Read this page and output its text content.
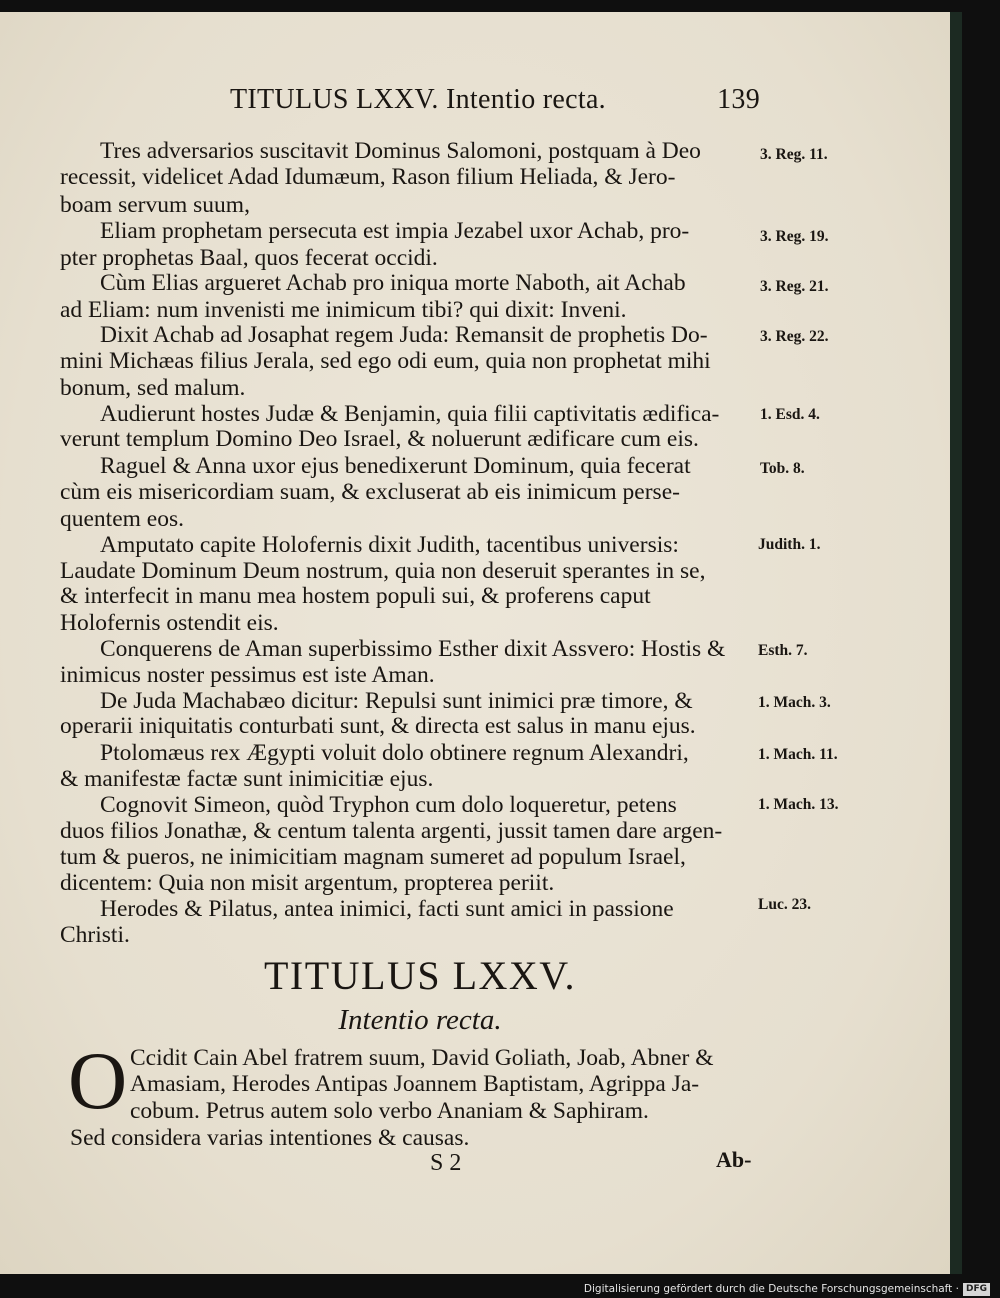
TITULUS LXXV. Intentio recta.	139
Tres adversarios suscitavit Dominus Salomoni, postquam à Deo
recessit, videlicet Adad Idumæum, Rason filium Heliada, & Jero-
boam servum suum,
Eliam prophetam persecuta est impia Jezabel uxor Achab, pro-
pter prophetas Baal, quos fecerat occidi.
Cùm Elias argueret Achab pro iniqua morte Naboth, ait Achab
ad Eliam: num invenisti me inimicum tibi? qui dixit: Inveni.
Dixit Achab ad Josaphat regem Juda: Remansit de prophetis Do-
mini Michæas filius Jerala, sed ego odi eum, quia non prophetat mihi
bonum, sed malum.
Audierunt hostes Judæ & Benjamin, quia filii captivitatis ædifica-
verunt templum Domino Deo Israel, & noluerunt ædificare cum eis.
Raguel & Anna uxor ejus benedixerunt Dominum, quia fecerat
cùm eis misericordiam suam, & excluserat ab eis inimicum perse-
quentem eos.
Amputato capite Holofernis dixit Judith, tacentibus universis:
Laudate Dominum Deum nostrum, quia non deseruit sperantes in se,
& interfecit in manu mea hostem populi sui, & proferens caput
Holofernis ostendit eis.
Conquerens de Aman superbissimo Esther dixit Assvero: Hostis &
inimicus noster pessimus est iste Aman.
De Juda Machabæo dicitur: Repulsi sunt inimici præ timore, &
operarii iniquitatis conturbati sunt, & directa est salus in manu ejus.
Ptolomæus rex Ægypti voluit dolo obtinere regnum Alexandri,
& manifestæ factæ sunt inimicitiæ ejus.
Cognovit Simeon, quòd Tryphon cum dolo loqueretur, petens
duos filios Jonathæ, & centum talenta argenti, jussit tamen dare argen-
tum & pueros, ne inimicitiam magnam sumeret ad populum Israel,
dicentem: Quia non misit argentum, propterea periit.
Herodes & Pilatus, antea inimici, facti sunt amici in passione
Christi.
3. Reg. 11.
3. Reg. 19.
3. Reg. 21.
3. Reg. 22.
1. Esd. 4.
Tob. 8.
Judith. 1.
Esth. 7.
1. Mach. 3.
1. Mach. 11.
1. Mach. 13.
Luc. 23.
TITULUS LXXV.
Intentio recta.
O Ccidit Cain Abel fratrem suum, David Goliath, Joab, Abner &
Amasiam, Herodes Antipas Joannem Baptistam, Agrippa Ja-
cobum. Petrus autem solo verbo Ananiam & Saphiram.
Sed considera varias intentiones & causas.
S 2	Ab-
Digitalisierung gefördert durch die Deutsche Forschungsgemeinschaft · DFG
